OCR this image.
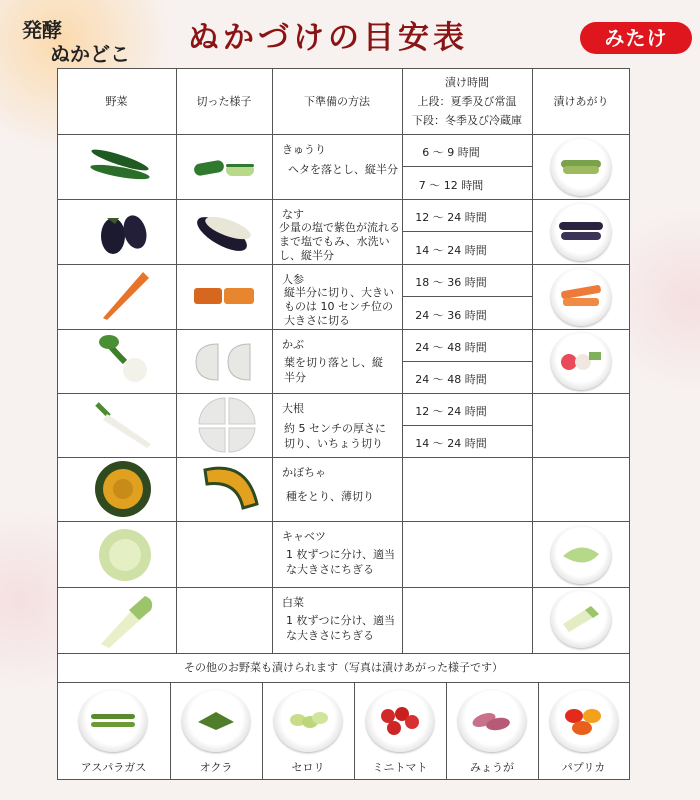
発酵
ぬかどこ ぬかづけの目安表	みたけ
野菜	切った様子	下準備の方法
漬け時間
上段：夏季及び常温
下段：冬季及び冷蔵庫
漬けあがり
きゅうり
ヘタを落とし、縦半分
6 ～ 9 時間
7 ～ 12 時間
なす
少量の塩で紫色が流れるまで塩でもみ、水洗いし、縦半分
12 ～ 24 時間
14 ～ 24 時間
人参
縦半分に切り、大きいものは 10 センチ位の大きさに切る
18 ～ 36 時間
24 ～ 36 時間
かぶ
葉を切り落とし、縦半分
24 ～ 48 時間
24 ～ 48 時間
大根
約 5 センチの厚さに切り、いちょう切り
12 ～ 24 時間
14 ～ 24 時間
かぼちゃ
種をとり、薄切り
キャベツ
1 枚ずつに分け、適当な大きさにちぎる
白菜
1 枚ずつに分け、適当な大きさにちぎる
その他のお野菜も漬けられます（写真は漬けあがった様子です）
アスパラガス	オクラ	セロリ	ミニトマト	みょうが	パプリカ
